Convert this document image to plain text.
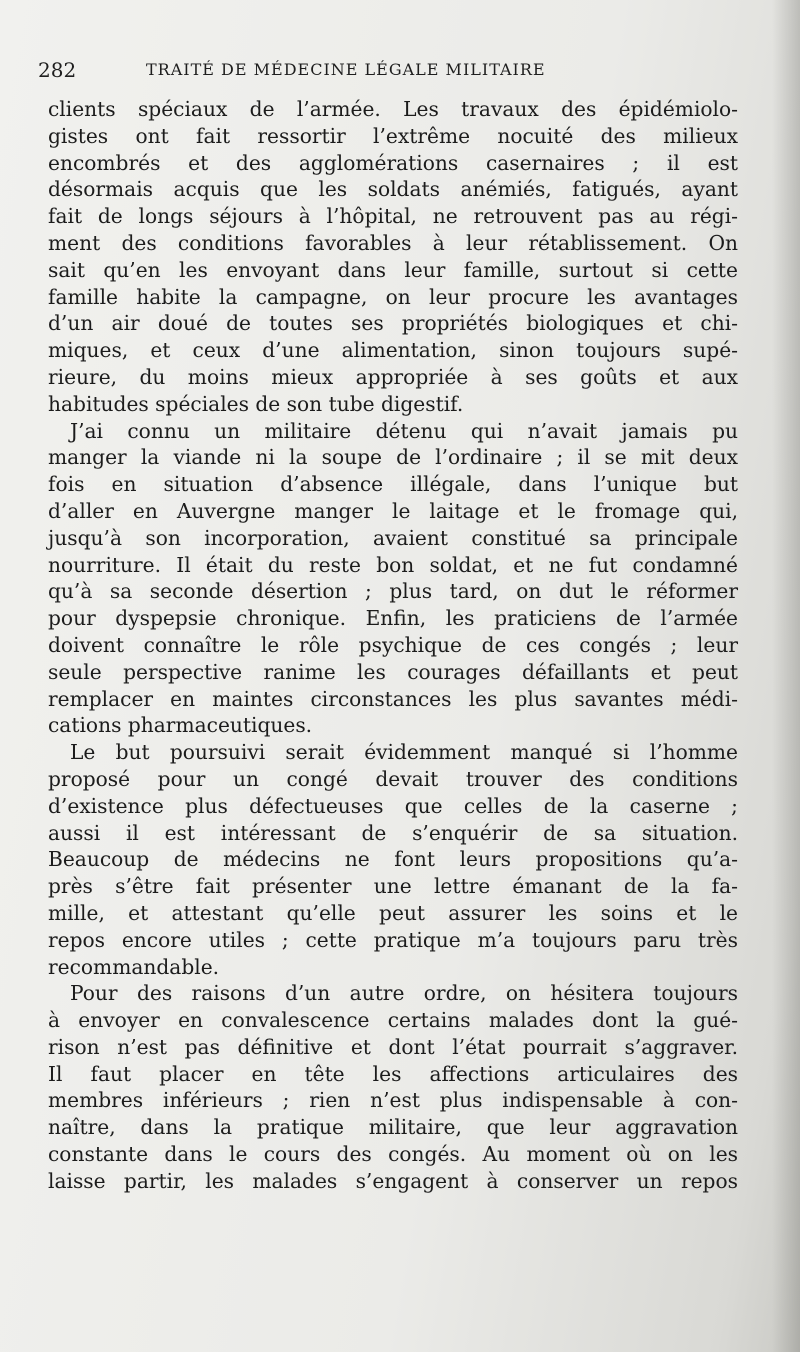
282	TRAITÉ DE MÉDECINE LÉGALE MILITAIRE
clients spéciaux de l’armée. Les travaux des épidémiolo-
gistes ont fait ressortir l’extrême nocuité des milieux
encombrés et des agglomérations casernaires ; il est
désormais acquis que les soldats anémiés, fatigués, ayant
fait de longs séjours à l’hôpital, ne retrouvent pas au régi-
ment des conditions favorables à leur rétablissement. On
sait qu’en les envoyant dans leur famille, surtout si cette
famille habite la campagne, on leur procure les avantages
d’un air doué de toutes ses propriétés biologiques et chi-
miques, et ceux d’une alimentation, sinon toujours supé-
rieure, du moins mieux appropriée à ses goûts et aux
habitudes spéciales de son tube digestif.
J’ai connu un militaire détenu qui n’avait jamais pu
manger la viande ni la soupe de l’ordinaire ; il se mit deux
fois en situation d’absence illégale, dans l’unique but
d’aller en Auvergne manger le laitage et le fromage qui,
jusqu’à son incorporation, avaient constitué sa principale
nourriture. Il était du reste bon soldat, et ne fut condamné
qu’à sa seconde désertion ; plus tard, on dut le réformer
pour dyspepsie chronique. Enfin, les praticiens de l’armée
doivent connaître le rôle psychique de ces congés ; leur
seule perspective ranime les courages défaillants et peut
remplacer en maintes circonstances les plus savantes médi-
cations pharmaceutiques.
Le but poursuivi serait évidemment manqué si l’homme
proposé pour un congé devait trouver des conditions
d’existence plus défectueuses que celles de la caserne ;
aussi il est intéressant de s’enquérir de sa situation.
Beaucoup de médecins ne font leurs propositions qu’a-
près s’être fait présenter une lettre émanant de la fa-
mille, et attestant qu’elle peut assurer les soins et le
repos encore utiles ; cette pratique m’a toujours paru très
recommandable.
Pour des raisons d’un autre ordre, on hésitera toujours
à envoyer en convalescence certains malades dont la gué-
rison n’est pas définitive et dont l’état pourrait s’aggraver.
Il faut placer en tête les affections articulaires des
membres inférieurs ; rien n’est plus indispensable à con-
naître, dans la pratique militaire, que leur aggravation
constante dans le cours des congés. Au moment où on les
laisse partir, les malades s’engagent à conserver un repos
